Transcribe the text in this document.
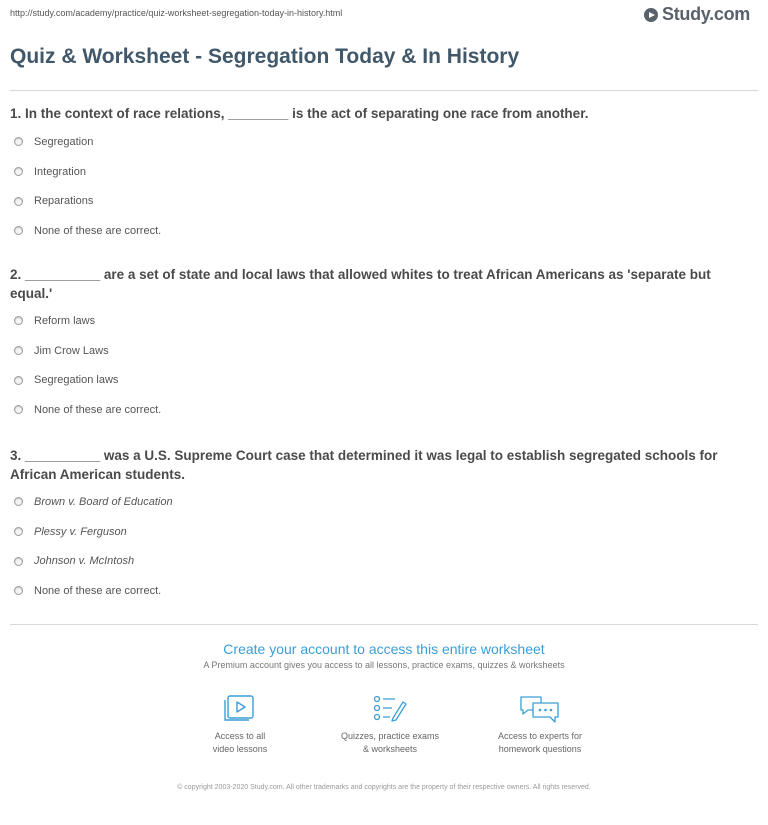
http://study.com/academy/practice/quiz-worksheet-segregation-today-in-history.html	Study.com
Quiz & Worksheet - Segregation Today & In History

1. In the context of race relations, ________ is the act of separating one race from another.

Segregation
Integration
Reparations
None of these are correct.

2. __________ are a set of state and local laws that allowed whites to treat African Americans as 'separate but equal.'

Reform laws
Jim Crow Laws
Segregation laws
None of these are correct.

3. __________ was a U.S. Supreme Court case that determined it was legal to establish segregated schools for African American students.

Brown v. Board of Education
Plessy v. Ferguson
Johnson v. McIntosh
None of these are correct.
Create your account to access this entire worksheet
A Premium account gives you access to all lessons, practice exams, quizzes & worksheets
Access to all
video lessons
Quizzes, practice exams
& worksheets
Access to experts for
homework questions
© copyright 2003-2020 Study.com. All other trademarks and copyrights are the property of their respective owners. All rights reserved.
